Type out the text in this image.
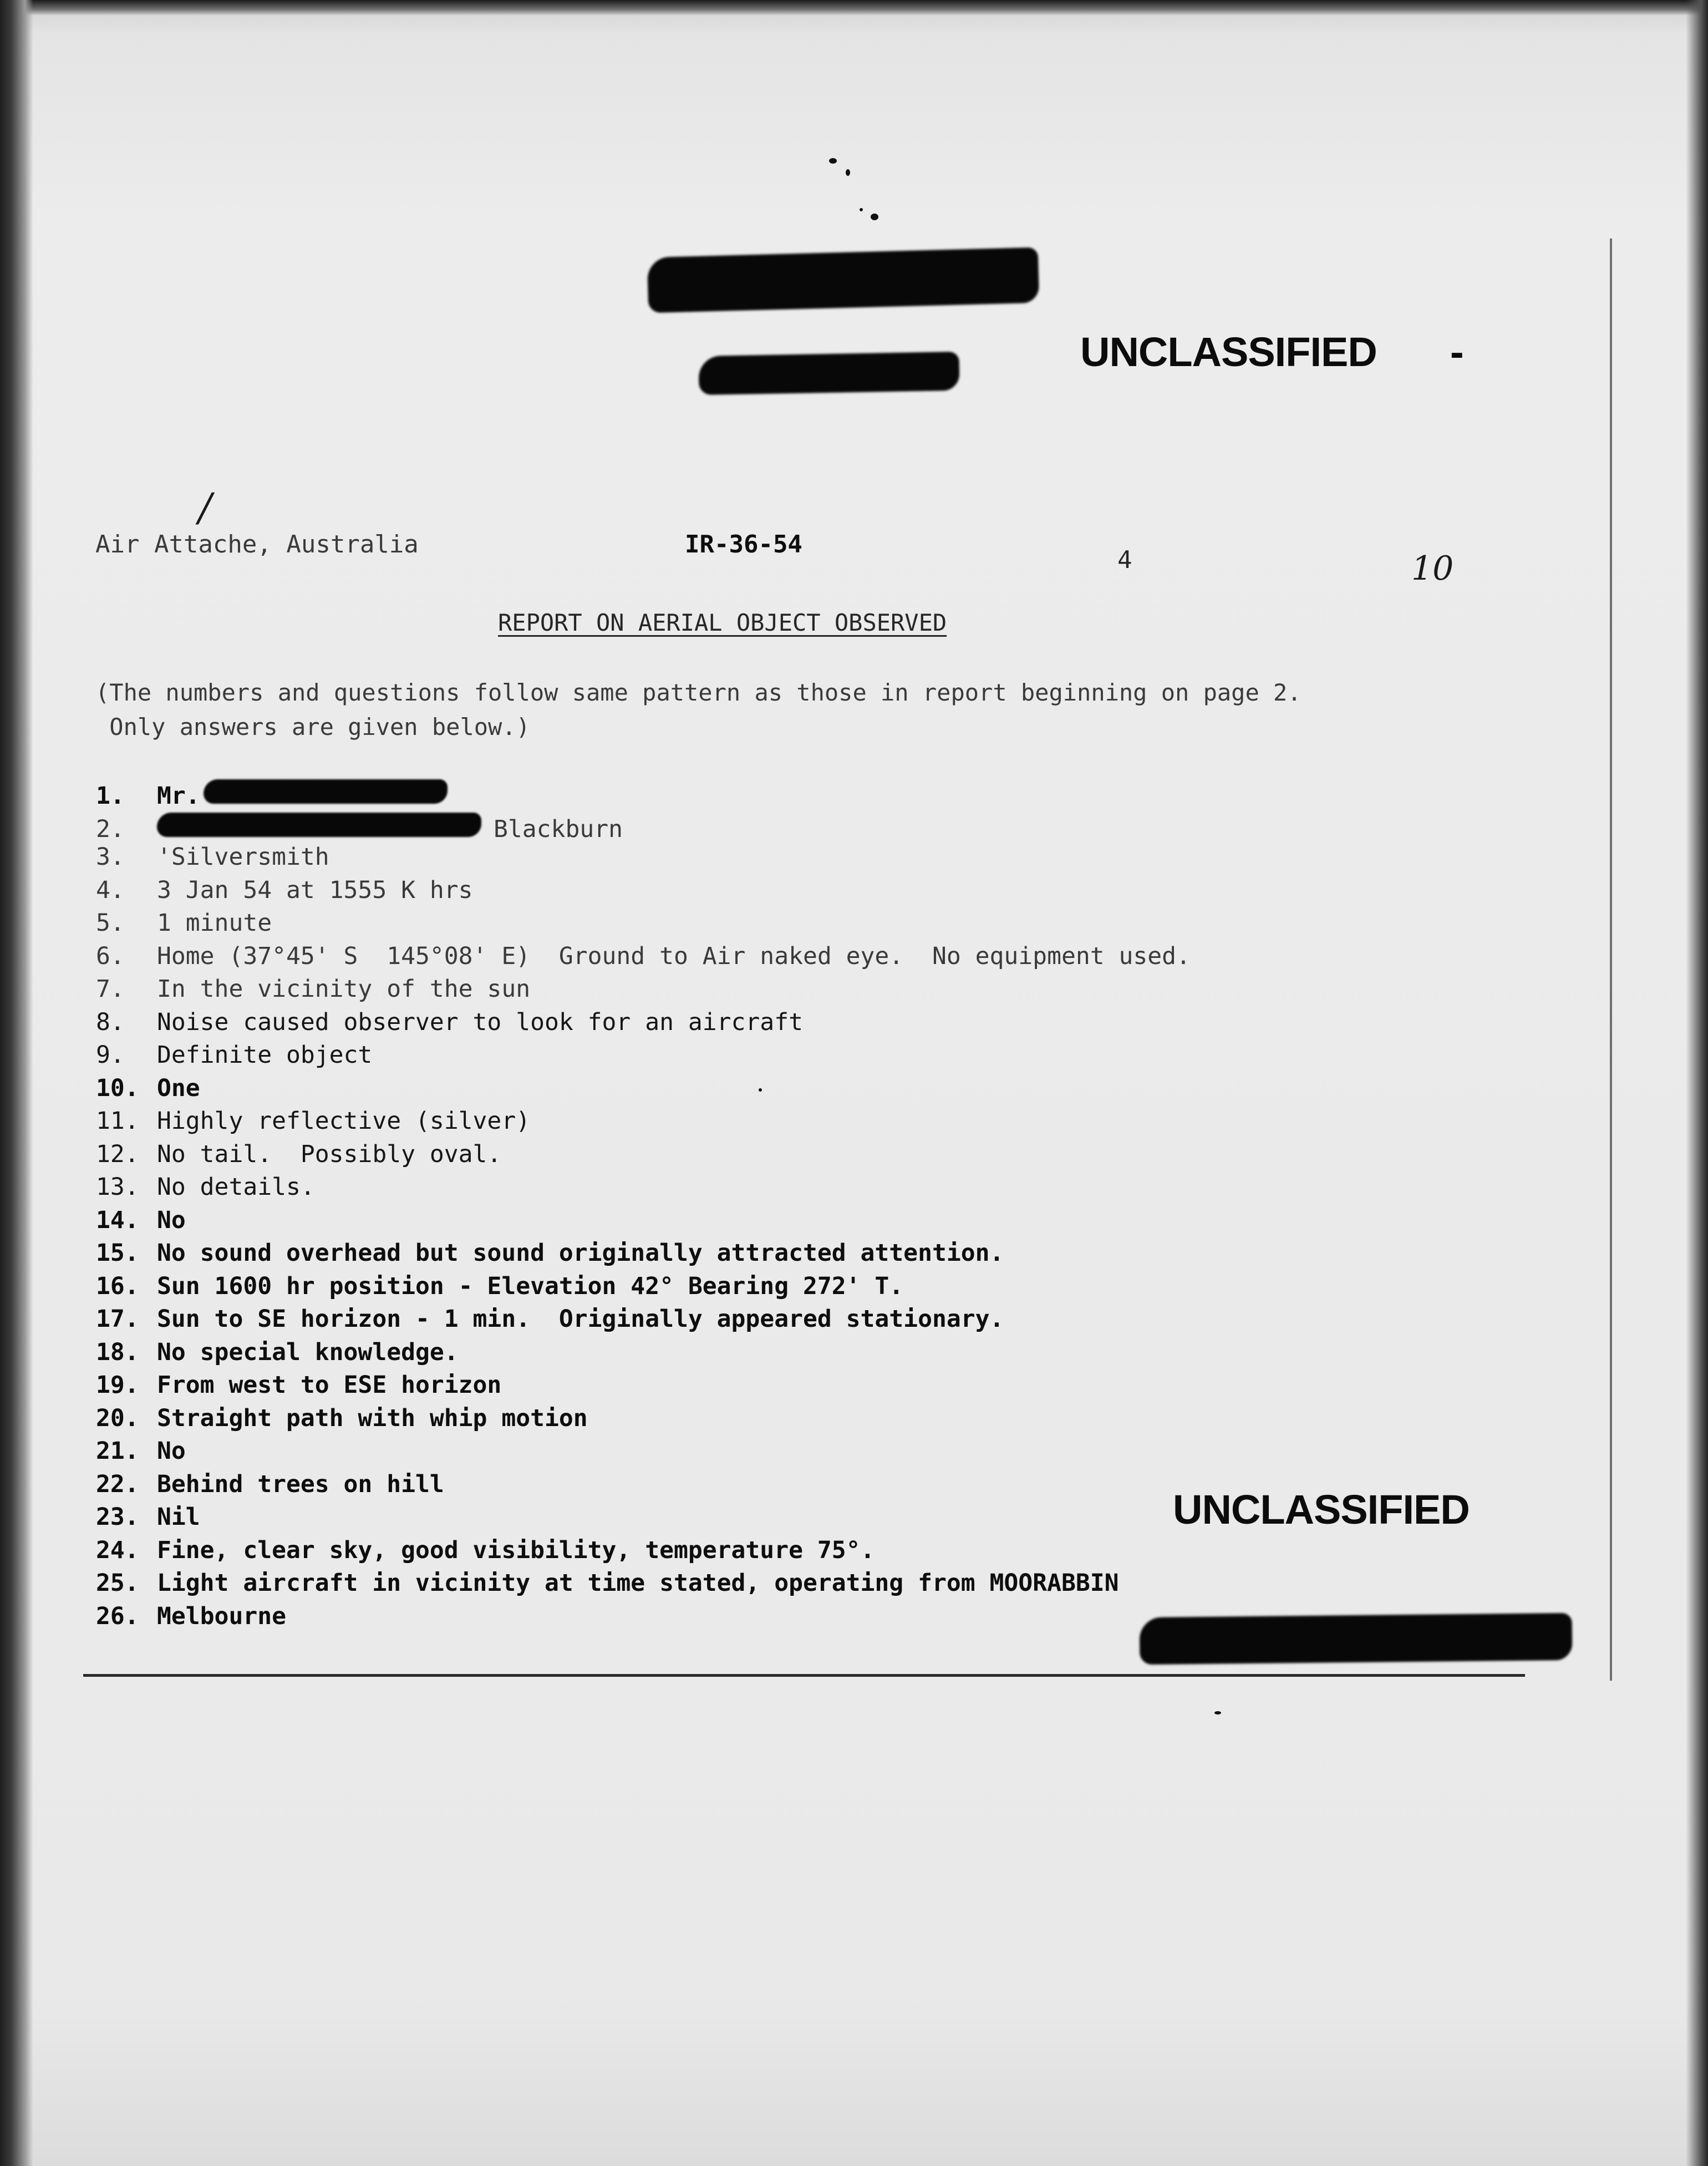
UNCLASSIFIED -
/
Air Attache, Australia	IR-36-54
4	10
REPORT ON AERIAL OBJECT OBSERVED
(The numbers and questions follow same pattern as those in report beginning on page 2.
Only answers are given below.)
1.	Mr.
2.	Blackburn
3.	'Silversmith
4.	3 Jan 54 at 1555 K hrs
5.	1 minute
6.	Home (37°45' S  145°08' E)  Ground to Air naked eye.  No equipment used.
7.	In the vicinity of the sun
8.	Noise caused observer to look for an aircraft
9.	Definite object
10. One
11. Highly reflective (silver)
12. No tail.  Possibly oval.
13. No details.
14. No
15. No sound overhead but sound originally attracted attention.
16. Sun 1600 hr position - Elevation 42° Bearing 272' T.
17. Sun to SE horizon - 1 min.  Originally appeared stationary.
18. No special knowledge.
19. From west to ESE horizon
20. Straight path with whip motion
21. No
22. Behind trees on hill
23. Nil
24. Fine, clear sky, good visibility, temperature 75°.
25. Light aircraft in vicinity at time stated, operating from MOORABBIN
26. Melbourne
UNCLASSIFIED
